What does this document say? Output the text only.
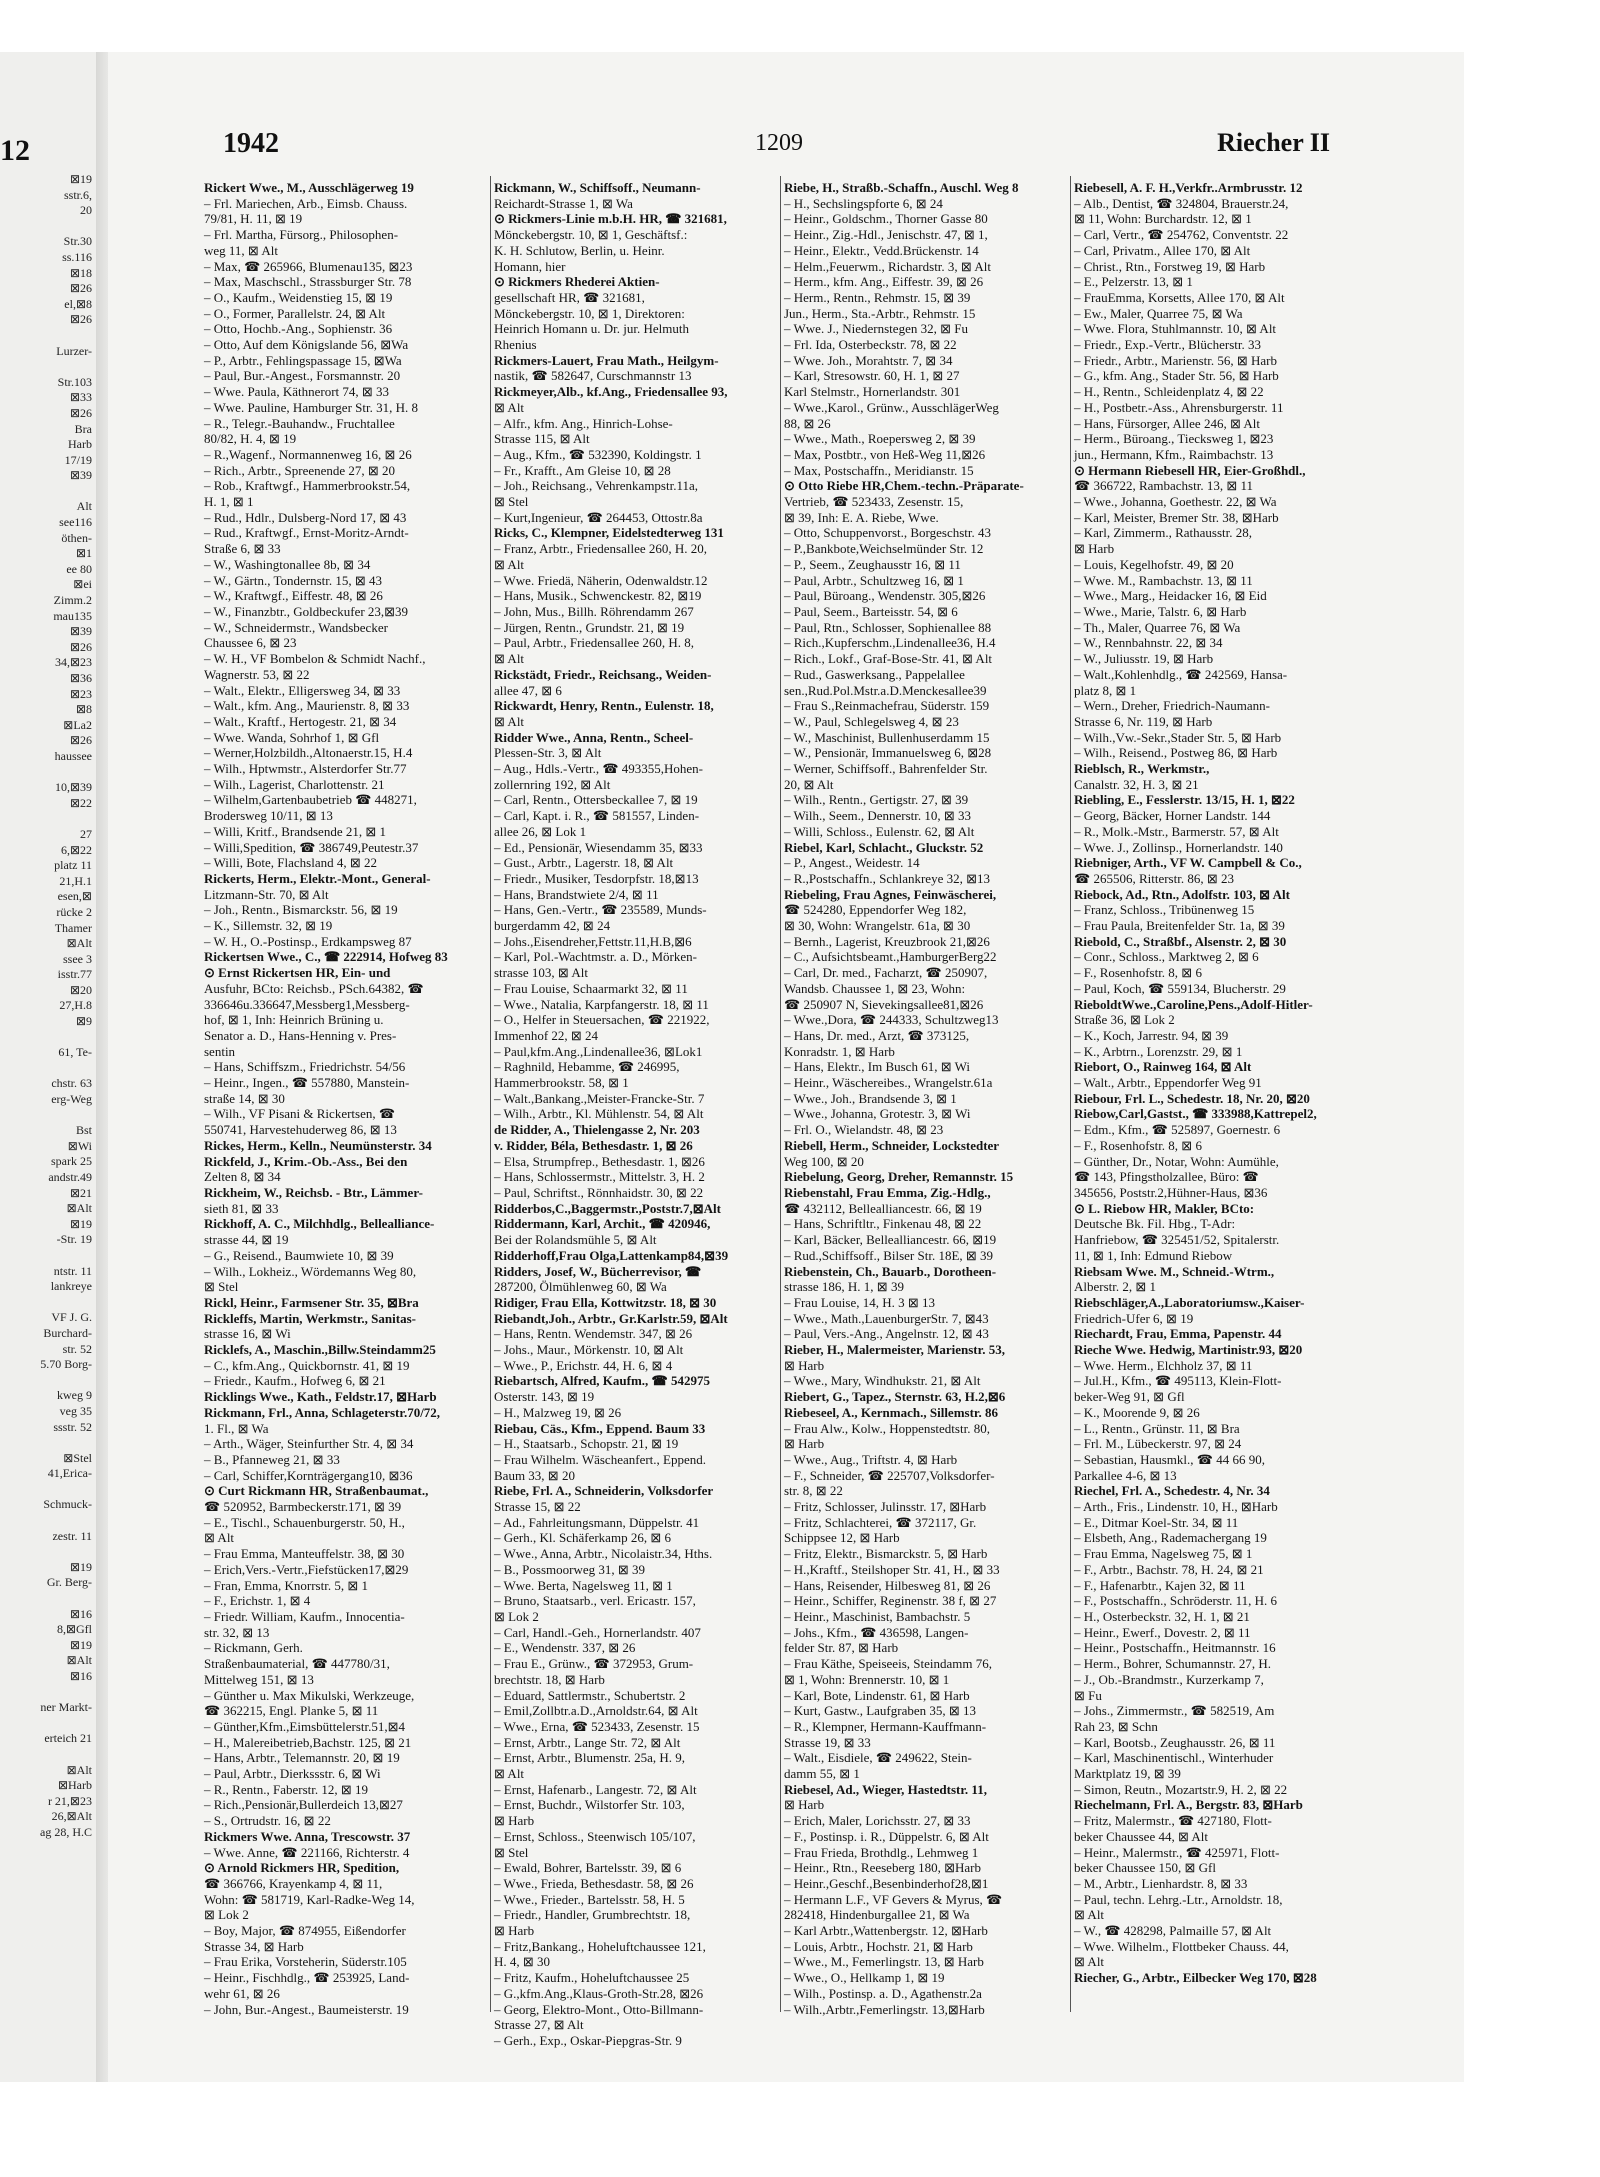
12
⊠19
sstr.6,
20
Str.30
ss.116
⊠18
⊠26
el,⊠8
⊠26
Lurzer-
Str.103
⊠33
⊠26
Bra
Harb
17/19
⊠39
Alt
see116
öthen-
⊠1
ee 80
⊠ei
Zimm.2
mau135
⊠39
⊠26
34,⊠23
⊠36
⊠23
⊠8
⊠La2
⊠26
haussee
10,⊠39
⊠22
27
6,⊠22
platz 11
21,H.1
esen,⊠
rücke 2
Thamer
⊠Alt
ssee 3
isstr.77
⊠20
27,H.8
⊠9
61, Te-
chstr. 63
erg-Weg
Bst
⊠Wi
spark 25
andstr.49
⊠21
⊠Alt
⊠19
-Str. 19
ntstr. 11
lankreye
VF J. G.
Burchard-
str. 52
5.70 Borg-
kweg 9
veg 35
ssstr. 52
⊠Stel
41,Erica-
Schmuck-
zestr. 11
⊠19
Gr. Berg-
⊠16
8,⊠Gfl
⊠19
⊠Alt
⊠16
ner Markt-
erteich 21
⊠Alt
⊠Harb
r 21,⊠23
26,⊠Alt
ag 28, H.C
1942	1209	Riecher II
Rickert Wwe., M., Ausschlägerweg 19
– Frl. Mariechen, Arb., Eimsb. Chauss.
79/81, H. 11, ⊠ 19
– Frl. Martha, Fürsorg., Philosophen-
weg 11, ⊠ Alt
– Max, ☎ 265966, Blumenau135, ⊠23
– Max, Maschschl., Strassburger Str. 78
– O., Kaufm., Weidenstieg 15, ⊠ 19
– O., Former, Parallelstr. 24, ⊠ Alt
– Otto, Hochb.-Ang., Sophienstr. 36
– Otto, Auf dem Königslande 56, ⊠Wa
– P., Arbtr., Fehlingspassage 15, ⊠Wa
– Paul, Bur.-Angest., Forsmannstr. 20
– Wwe. Paula, Käthnerort 74, ⊠ 33
– Wwe. Pauline, Hamburger Str. 31, H. 8
– R., Telegr.-Bauhandw., Fruchtallee
80/82, H. 4, ⊠ 19
– R.,Wagenf., Normannenweg 16, ⊠ 26
– Rich., Arbtr., Spreenende 27, ⊠ 20
– Rob., Kraftwgf., Hammerbrookstr.54,
H. 1, ⊠ 1
– Rud., Hdlr., Dulsberg-Nord 17, ⊠ 43
– Rud., Kraftwgf., Ernst-Moritz-Arndt-
Straße 6, ⊠ 33
– W., Washingtonallee 8b, ⊠ 34
– W., Gärtn., Tondernstr. 15, ⊠ 43
– W., Kraftwgf., Eiffestr. 48, ⊠ 26
– W., Finanzbtr., Goldbeckufer 23,⊠39
– W., Schneidermstr., Wandsbecker
Chaussee 6, ⊠ 23
– W. H., VF Bombelon & Schmidt Nachf.,
Wagnerstr. 53, ⊠ 22
– Walt., Elektr., Elligersweg 34, ⊠ 33
– Walt., kfm. Ang., Maurienstr. 8, ⊠ 33
– Walt., Kraftf., Hertogestr. 21, ⊠ 34
– Wwe. Wanda, Sohrhof 1, ⊠ Gfl
– Werner,Holzbildh.,Altonaerstr.15, H.4
– Wilh., Hptwmstr., Alsterdorfer Str.77
– Wilh., Lagerist, Charlottenstr. 21
– Wilhelm,Gartenbaubetrieb ☎ 448271,
Brodersweg 10/11, ⊠ 13
– Willi, Kritf., Brandsende 21, ⊠ 1
– Willi,Spedition, ☎ 386749,Peutestr.37
– Willi, Bote, Flachsland 4, ⊠ 22
Rickerts, Herm., Elektr.-Mont., General-
Litzmann-Str. 70, ⊠ Alt
– Joh., Rentn., Bismarckstr. 56, ⊠ 19
– K., Sillemstr. 32, ⊠ 19
– W. H., O.-Postinsp., Erdkampsweg 87
Rickertsen Wwe., C., ☎ 222914, Hofweg 83
⊙ Ernst Rickertsen HR, Ein- und
Ausfuhr, BCto: Reichsb., PSch.64382, ☎
336646u.336647,Messberg1,Messberg-
hof, ⊠ 1, Inh: Heinrich Brüning u.
Senator a. D., Hans-Henning v. Pres-
sentin
– Hans, Schiffszm., Friedrichstr. 54/56
– Heinr., Ingen., ☎ 557880, Manstein-
straße 14, ⊠ 30
– Wilh., VF Pisani & Rickertsen, ☎
550741, Harvestehuderweg 86, ⊠ 13
Rickes, Herm., Kelln., Neumünsterstr. 34
Rickfeld, J., Krim.-Ob.-Ass., Bei den
Zelten 8, ⊠ 34
Rickheim, W., Reichsb. - Btr., Lämmer-
sieth 81, ⊠ 33
Rickhoff, A. C., Milchhdlg., Bellealliance-
strasse 44, ⊠ 19
– G., Reisend., Baumwiete 10, ⊠ 39
– Wilh., Lokheiz., Wördemanns Weg 80,
⊠ Stel
Rickl, Heinr., Farmsener Str. 35, ⊠Bra
Rickleffs, Martin, Werkmstr., Sanitas-
strasse 16, ⊠ Wi
Ricklefs, A., Maschin.,Billw.Steindamm25
– C., kfm.Ang., Quickbornstr. 41, ⊠ 19
– Friedr., Kaufm., Hofweg 6, ⊠ 21
Ricklings Wwe., Kath., Feldstr.17, ⊠Harb
Rickmann, Frl., Anna, Schlageterstr.70/72,
1. Fl., ⊠ Wa
– Arth., Wäger, Steinfurther Str. 4, ⊠ 34
– B., Pfanneweg 21, ⊠ 33
– Carl, Schiffer,Kornträgergang10, ⊠36
⊙ Curt Rickmann HR, Straßenbaumat.,
☎ 520952, Barmbeckerstr.171, ⊠ 39
– E., Tischl., Schauenburgerstr. 50, H.,
⊠ Alt
– Frau Emma, Manteuffelstr. 38, ⊠ 30
– Erich,Vers.-Vertr.,Fiefstücken17,⊠29
– Fran, Emma, Knorrstr. 5, ⊠ 1
– F., Erichstr. 1, ⊠ 4
– Friedr. William, Kaufm., Innocentia-
str. 32, ⊠ 13
– Rickmann, Gerh.
Straßenbaumaterial, ☎ 447780/31,
Mittelweg 151, ⊠ 13
– Günther u. Max Mikulski, Werkzeuge,
☎ 362215, Engl. Planke 5, ⊠ 11
– Günther,Kfm.,Eimsbüttelerstr.51,⊠4
– H., Malereibetrieb,Bachstr. 125, ⊠ 21
– Hans, Arbtr., Telemannstr. 20, ⊠ 19
– Paul, Arbtr., Dierkssstr. 6, ⊠ Wi
– R., Rentn., Faberstr. 12, ⊠ 19
– Rich.,Pensionär,Bullerdeich 13,⊠27
– S., Ortrudstr. 16, ⊠ 22
Rickmers Wwe. Anna, Trescowstr. 37
– Wwe. Anne, ☎ 221166, Richterstr. 4
⊙ Arnold Rickmers HR, Spedition,
☎ 366766, Krayenkamp 4, ⊠ 11,
Wohn: ☎ 581719, Karl-Radke-Weg 14,
⊠ Lok 2
– Boy, Major, ☎ 874955, Eißendorfer
Strasse 34, ⊠ Harb
– Frau Erika, Vorsteherin, Süderstr.105
– Heinr., Fischhdlg., ☎ 253925, Land-
wehr 61, ⊠ 26
– John, Bur.-Angest., Baumeisterstr. 19
Rickmann, W., Schiffsoff., Neumann-
Reichardt-Strasse 1, ⊠ Wa
⊙ Rickmers-Linie m.b.H. HR, ☎ 321681,
Mönckebergstr. 10, ⊠ 1, Geschäftsf.:
K. H. Schlutow, Berlin, u. Heinr.
Homann, hier
⊙ Rickmers Rhederei Aktien-
gesellschaft HR, ☎ 321681,
Mönckebergstr. 10, ⊠ 1, Direktoren:
Heinrich Homann u. Dr. jur. Helmuth
Rhenius
Rickmers-Lauert, Frau Math., Heilgym-
nastik, ☎ 582647, Curschmannstr 13
Rickmeyer,Alb., kf.Ang., Friedensallee 93,
⊠ Alt
– Alfr., kfm. Ang., Hinrich-Lohse-
Strasse 115, ⊠ Alt
– Aug., Kfm., ☎ 532390, Koldingstr. 1
– Fr., Krafft., Am Gleise 10, ⊠ 28
– Joh., Reichsang., Vehrenkampstr.11a,
⊠ Stel
– Kurt,Ingenieur, ☎ 264453, Ottostr.8a
Ricks, C., Klempner, Eidelstedterweg 131
– Franz, Arbtr., Friedensallee 260, H. 20,
⊠ Alt
– Wwe. Friedä, Näherin, Odenwaldstr.12
– Hans, Musik., Schwenckestr. 82, ⊠19
– John, Mus., Billh. Röhrendamm 267
– Jürgen, Rentn., Grundstr. 21, ⊠ 19
– Paul, Arbtr., Friedensallee 260, H. 8,
⊠ Alt
Rickstädt, Friedr., Reichsang., Weiden-
allee 47, ⊠ 6
Rickwardt, Henry, Rentn., Eulenstr. 18,
⊠ Alt
Ridder Wwe., Anna, Rentn., Scheel-
Plessen-Str. 3, ⊠ Alt
– Aug., Hdls.-Vertr., ☎ 493355,Hohen-
zollernring 192, ⊠ Alt
– Carl, Rentn., Ottersbeckallee 7, ⊠ 19
– Carl, Kapt. i. R., ☎ 581557, Linden-
allee 26, ⊠ Lok 1
– Ed., Pensionär, Wiesendamm 35, ⊠33
– Gust., Arbtr., Lagerstr. 18, ⊠ Alt
– Friedr., Musiker, Tesdorpfstr. 18,⊠13
– Hans, Brandstwiete 2/4, ⊠ 11
– Hans, Gen.-Vertr., ☎ 235589, Munds-
burgerdamm 42, ⊠ 24
– Johs.,Eisendreher,Fettstr.11,H.B,⊠6
– Karl, Pol.-Wachtmstr. a. D., Mörken-
strasse 103, ⊠ Alt
– Frau Louise, Schaarmarkt 32, ⊠ 11
– Wwe., Natalia, Karpfangerstr. 18, ⊠ 11
– O., Helfer in Steuersachen, ☎ 221922,
Immenhof 22, ⊠ 24
– Paul,kfm.Ang.,Lindenallee36, ⊠Lok1
– Raghnild, Hebamme, ☎ 246995,
Hammerbrookstr. 58, ⊠ 1
– Walt.,Bankang.,Meister-Francke-Str. 7
– Wilh., Arbtr., Kl. Mühlenstr. 54, ⊠ Alt
de Ridder, A., Thielengasse 2, Nr. 203
v. Ridder, Béla, Bethesdastr. 1, ⊠ 26
– Elsa, Strumpfrep., Bethesdastr. 1, ⊠26
– Hans, Schlossermstr., Mittelstr. 3, H. 2
– Paul, Schriftst., Rönnhaidstr. 30, ⊠ 22
Ridderbos,C.,Baggermstr.,Poststr.7,⊠Alt
Riddermann, Karl, Archit., ☎ 420946,
Bei der Rolandsmühle 5, ⊠ Alt
Ridderhoff,Frau Olga,Lattenkamp84,⊠39
Ridders, Josef, W., Bücherrevisor, ☎
287200, Ölmühlenweg 60, ⊠ Wa
Ridiger, Frau Ella, Kottwitzstr. 18, ⊠ 30
Riebandt,Joh., Arbtr., Gr.Karlstr.59, ⊠Alt
– Hans, Rentn. Wendemstr. 347, ⊠ 26
– Johs., Maur., Mörkenstr. 10, ⊠ Alt
– Wwe., P., Erichstr. 44, H. 6, ⊠ 4
Riebartsch, Alfred, Kaufm., ☎ 542975
Osterstr. 143, ⊠ 19
– H., Malzweg 19, ⊠ 26
Riebau, Cäs., Kfm., Eppend. Baum 33
– H., Staatsarb., Schopstr. 21, ⊠ 19
– Frau Wilhelm. Wäscheanfert., Eppend.
Baum 33, ⊠ 20
Riebe, Frl. A., Schneiderin, Volksdorfer
Strasse 15, ⊠ 22
– Ad., Fahrleitungsmann, Düppelstr. 41
– Gerh., Kl. Schäferkamp 26, ⊠ 6
– Wwe., Anna, Arbtr., Nicolaistr.34, Hths.
– B., Possmoorweg 31, ⊠ 39
– Wwe. Berta, Nagelsweg 11, ⊠ 1
– Bruno, Staatsarb., verl. Ericastr. 157,
⊠ Lok 2
– Carl, Handl.-Geh., Hornerlandstr. 407
– E., Wendenstr. 337, ⊠ 26
– Frau E., Grünw., ☎ 372953, Grum-
brechtstr. 18, ⊠ Harb
– Eduard, Sattlermstr., Schubertstr. 2
– Emil,Zollbtr.a.D.,Arnoldstr.64, ⊠ Alt
– Wwe., Erna, ☎ 523433, Zesenstr. 15
– Ernst, Arbtr., Lange Str. 72, ⊠ Alt
– Ernst, Arbtr., Blumenstr. 25a, H. 9,
⊠ Alt
– Ernst, Hafenarb., Langestr. 72, ⊠ Alt
– Ernst, Buchdr., Wilstorfer Str. 103,
⊠ Harb
– Ernst, Schloss., Steenwisch 105/107,
⊠ Stel
– Ewald, Bohrer, Bartelsstr. 39, ⊠ 6
– Wwe., Frieda, Bethesdastr. 58, ⊠ 26
– Wwe., Frieder., Bartelsstr. 58, H. 5
– Friedr., Handler, Grumbrechtstr. 18,
⊠ Harb
– Fritz,Bankang., Hoheluftchaussee 121,
H. 4, ⊠ 30
– Fritz, Kaufm., Hoheluftchaussee 25
– G.,kfm.Ang.,Klaus-Groth-Str.28, ⊠26
– Georg, Elektro-Mont., Otto-Billmann-
Strasse 27, ⊠ Alt
– Gerh., Exp., Oskar-Piepgras-Str. 9
Riebe, H., Straßb.-Schaffn., Auschl. Weg 8
– H., Sechslingspforte 6, ⊠ 24
– Heinr., Goldschm., Thorner Gasse 80
– Heinr., Zig.-Hdl., Jenischstr. 47, ⊠ 1,
– Heinr., Elektr., Vedd.Brückenstr. 14
– Helm.,Feuerwm., Richardstr. 3, ⊠ Alt
– Herm., kfm. Ang., Eiffestr. 39, ⊠ 26
– Herm., Rentn., Rehmstr. 15, ⊠ 39
Jun., Herm., Sta.-Arbtr., Rehmstr. 15
– Wwe. J., Niedernstegen 32, ⊠ Fu
– Frl. Ida, Osterbeckstr. 78, ⊠ 22
– Wwe. Joh., Morahtstr. 7, ⊠ 34
– Karl, Stresowstr. 60, H. 1, ⊠ 27
Karl Stelmstr., Hornerlandstr. 301
– Wwe.,Karol., Grünw., AusschlägerWeg
88, ⊠ 26
– Wwe., Math., Roepersweg 2, ⊠ 39
– Max, Postbtr., von Heß-Weg 11,⊠26
– Max, Postschaffn., Meridianstr. 15
⊙ Otto Riebe HR,Chem.-techn.-Präparate-
Vertrieb, ☎ 523433, Zesenstr. 15,
⊠ 39, Inh: E. A. Riebe, Wwe.
– Otto, Schuppenvorst., Borgeschstr. 43
– P.,Bankbote,Weichselmünder Str. 12
– P., Seem., Zeughausstr 16, ⊠ 11
– Paul, Arbtr., Schultzweg 16, ⊠ 1
– Paul, Büroang., Wendenstr. 305,⊠26
– Paul, Seem., Barteisstr. 54, ⊠ 6
– Paul, Rtn., Schlosser, Sophienallee 88
– Rich.,Kupferschm.,Lindenallee36, H.4
– Rich., Lokf., Graf-Bose-Str. 41, ⊠ Alt
– Rud., Gaswerksang., Pappelallee
sen.,Rud.Pol.Mstr.a.D.Menckesallee39
– Frau S.,Reinmachefrau, Süderstr. 159
– W., Paul, Schlegelsweg 4, ⊠ 23
– W., Maschinist, Bullenhuserdamm 15
– W., Pensionär, Immanuelsweg 6, ⊠28
– Werner, Schiffsoff., Bahrenfelder Str.
20, ⊠ Alt
– Wilh., Rentn., Gertigstr. 27, ⊠ 39
– Wilh., Seem., Dennerstr. 10, ⊠ 33
– Willi, Schloss., Eulenstr. 62, ⊠ Alt
Riebel, Karl, Schlacht., Gluckstr. 52
– P., Angest., Weidestr. 14
– R.,Postschaffn., Schlankreye 32, ⊠13
Riebeling, Frau Agnes, Feinwäscherei,
☎ 524280, Eppendorfer Weg 182,
⊠ 30, Wohn: Wrangelstr. 61a, ⊠ 30
– Bernh., Lagerist, Kreuzbrook 21,⊠26
– C., Aufsichtsbeamt.,HamburgerBerg22
– Carl, Dr. med., Facharzt, ☎ 250907,
Wandsb. Chaussee 1, ⊠ 23, Wohn:
☎ 250907 N, Sievekingsallee81,⊠26
– Wwe.,Dora, ☎ 244333, Schultzweg13
– Hans, Dr. med., Arzt, ☎ 373125,
Konradstr. 1, ⊠ Harb
– Hans, Elektr., Im Busch 61, ⊠ Wi
– Heinr., Wäschereibes., Wrangelstr.61a
– Wwe., Joh., Brandsende 3, ⊠ 1
– Wwe., Johanna, Grotestr. 3, ⊠ Wi
– Frl. O., Wielandstr. 48, ⊠ 23
Riebell, Herm., Schneider, Lockstedter
Weg 100, ⊠ 20
Riebelung, Georg, Dreher, Remannstr. 15
Riebenstahl, Frau Emma, Zig.-Hdlg.,
☎ 432112, Bellealliancestr. 66, ⊠ 19
– Hans, Schriftltr., Finkenau 48, ⊠ 22
– Karl, Bäcker, Bellealliancestr. 66, ⊠19
– Rud.,Schiffsoff., Bilser Str. 18E, ⊠ 39
Riebenstein, Ch., Bauarb., Dorotheen-
strasse 186, H. 1, ⊠ 39
– Frau Louise, 14, H. 3 ⊠ 13
– Wwe., Math.,LauenburgerStr. 7, ⊠43
– Paul, Vers.-Ang., Angelnstr. 12, ⊠ 43
Rieber, H., Malermeister, Marienstr. 53,
⊠ Harb
– Wwe., Mary, Windhukstr. 21, ⊠ Alt
Riebert, G., Tapez., Sternstr. 63, H.2,⊠6
Riebeseel, A., Kernmach., Sillemstr. 86
– Frau Alw., Kolw., Hoppenstedtstr. 80,
⊠ Harb
– Wwe., Aug., Triftstr. 4, ⊠ Harb
– F., Schneider, ☎ 225707,Volksdorfer-
str. 8, ⊠ 22
– Fritz, Schlosser, Julinsstr. 17, ⊠Harb
– Fritz, Schlachterei, ☎ 372117, Gr.
Schippsee 12, ⊠ Harb
– Fritz, Elektr., Bismarckstr. 5, ⊠ Harb
– H.,Kraftf., Steilshoper Str. 41, H., ⊠ 33
– Hans, Reisender, Hilbesweg 81, ⊠ 26
– Heinr., Schiffer, Reginenstr. 38 f, ⊠ 27
– Heinr., Maschinist, Bambachstr. 5
– Johs., Kfm., ☎ 436598, Langen-
felder Str. 87, ⊠ Harb
– Frau Käthe, Speiseeis, Steindamm 76,
⊠ 1, Wohn: Brennerstr. 10, ⊠ 1
– Karl, Bote, Lindenstr. 61, ⊠ Harb
– Kurt, Gastw., Laufgraben 35, ⊠ 13
– R., Klempner, Hermann-Kauffmann-
Strasse 19, ⊠ 33
– Walt., Eisdiele, ☎ 249622, Stein-
damm 55, ⊠ 1
Riebesel, Ad., Wieger, Hastedtstr. 11,
⊠ Harb
– Erich, Maler, Lorichsstr. 27, ⊠ 33
– F., Postinsp. i. R., Düppelstr. 6, ⊠ Alt
– Frau Frieda, Brothdlg., Lehmweg 1
– Heinr., Rtn., Reeseberg 180, ⊠Harb
– Heinr.,Geschf.,Besenbinderhof28,⊠1
– Hermann L.F., VF Gevers & Myrus, ☎
282418, Hindenburgallee 21, ⊠ Wa
– Karl Arbtr.,Wattenbergstr. 12, ⊠Harb
– Louis, Arbtr., Hochstr. 21, ⊠ Harb
– Wwe., M., Femerlingstr. 13, ⊠ Harb
– Wwe., O., Hellkamp 1, ⊠ 19
– Wilh., Postinsp. a. D., Agathenstr.2a
– Wilh.,Arbtr.,Femerlingstr. 13,⊠Harb
Riebesell, A. F. H.,Verkfr..Armbrusstr. 12
– Alb., Dentist, ☎ 324804, Brauerstr.24,
⊠ 11, Wohn: Burchardstr. 12, ⊠ 1
– Carl, Vertr., ☎ 254762, Conventstr. 22
– Carl, Privatm., Allee 170, ⊠ Alt
– Christ., Rtn., Forstweg 19, ⊠ Harb
– E., Pelzerstr. 13, ⊠ 1
– FrauEmma, Korsetts, Allee 170, ⊠ Alt
– Ew., Maler, Quarree 75, ⊠ Wa
– Wwe. Flora, Stuhlmannstr. 10, ⊠ Alt
– Friedr., Exp.-Vertr., Blücherstr. 33
– Friedr., Arbtr., Marienstr. 56, ⊠ Harb
– G., kfm. Ang., Stader Str. 56, ⊠ Harb
– H., Rentn., Schleidenplatz 4, ⊠ 22
– H., Postbetr.-Ass., Ahrensburgerstr. 11
– Hans, Fürsorger, Allee 246, ⊠ Alt
– Herm., Büroang., Tiecksweg 1, ⊠23
jun., Hermann, Kfm., Raimbachstr. 13
⊙ Hermann Riebesell HR, Eier-Großhdl.,
☎ 366722, Rambachstr. 13, ⊠ 11
– Wwe., Johanna, Goethestr. 22, ⊠ Wa
– Karl, Meister, Bremer Str. 38, ⊠Harb
– Karl, Zimmerm., Rathausstr. 28,
⊠ Harb
– Louis, Kegelhofstr. 49, ⊠ 20
– Wwe. M., Rambachstr. 13, ⊠ 11
– Wwe., Marg., Heidacker 16, ⊠ Eid
– Wwe., Marie, Talstr. 6, ⊠ Harb
– Th., Maler, Quarree 76, ⊠ Wa
– W., Rennbahnstr. 22, ⊠ 34
– W., Juliusstr. 19, ⊠ Harb
– Walt.,Kohlenhdlg., ☎ 242569, Hansa-
platz 8, ⊠ 1
– Wern., Dreher, Friedrich-Naumann-
Strasse 6, Nr. 119, ⊠ Harb
– Wilh.,Vw.-Sekr.,Stader Str. 5, ⊠ Harb
– Wilh., Reisend., Postweg 86, ⊠ Harb
Rieblsch, R., Werkmstr.,
Canalstr. 32, H. 3, ⊠ 21
Riebling, E., Fesslerstr. 13/15, H. 1, ⊠22
– Georg, Bäcker, Horner Landstr. 144
– R., Molk.-Mstr., Barmerstr. 57, ⊠ Alt
– Wwe. J., Zollinsp., Hornerlandstr. 140
Riebniger, Arth., VF W. Campbell & Co.,
☎ 265506, Ritterstr. 86, ⊠ 23
Riebock, Ad., Rtn., Adolfstr. 103, ⊠ Alt
– Franz, Schloss., Tribünenweg 15
– Frau Paula, Breitenfelder Str. 1a, ⊠ 39
Riebold, C., Straßbf., Alsenstr. 2, ⊠ 30
– Conr., Schloss., Marktweg 2, ⊠ 6
– F., Rosenhofstr. 8, ⊠ 6
– Paul, Koch, ☎ 559134, Blucherstr. 29
RieboldtWwe.,Caroline,Pens.,Adolf-Hitler-
Straße 36, ⊠ Lok 2
– K., Koch, Jarrestr. 94, ⊠ 39
– K., Arbtrn., Lorenzstr. 29, ⊠ 1
Riebort, O., Rainweg 164, ⊠ Alt
– Walt., Arbtr., Eppendorfer Weg 91
Riebour, Frl. L., Schedestr. 18, Nr. 20, ⊠20
Riebow,Carl,Gastst., ☎ 333988,Kattrepel2,
– Edm., Kfm., ☎ 525897, Goernestr. 6
– F., Rosenhofstr. 8, ⊠ 6
– Günther, Dr., Notar, Wohn: Aumühle,
☎ 143, Pfingstholzallee, Büro: ☎
345656, Poststr.2,Hühner-Haus, ⊠36
⊙ L. Riebow HR, Makler, BCto:
Deutsche Bk. Fil. Hbg., T-Adr:
Hanfriebow, ☎ 325451/52, Spitalerstr.
11, ⊠ 1, Inh: Edmund Riebow
Riebsam Wwe. M., Schneid.-Wtrm.,
Alberstr. 2, ⊠ 1
Riebschläger,A.,Laboratoriumsw.,Kaiser-
Friedrich-Ufer 6, ⊠ 19
Riechardt, Frau, Emma, Papenstr. 44
Rieche Wwe. Hedwig, Martinistr.93, ⊠20
– Wwe. Herm., Elchholz 37, ⊠ 11
– Jul.H., Kfm., ☎ 495113, Klein-Flott-
beker-Weg 91, ⊠ Gfl
– K., Moorende 9, ⊠ 26
– L., Rentn., Grünstr. 11, ⊠ Bra
– Frl. M., Lübeckerstr. 97, ⊠ 24
– Sebastian, Hausmkl., ☎ 44 66 90,
Parkallee 4-6, ⊠ 13
Riechel, Frl. A., Schedestr. 4, Nr. 34
– Arth., Fris., Lindenstr. 10, H., ⊠Harb
– E., Ditmar Koel-Str. 34, ⊠ 11
– Elsbeth, Ang., Rademachergang 19
– Frau Emma, Nagelsweg 75, ⊠ 1
– F., Arbtr., Bachstr. 78, H. 24, ⊠ 21
– F., Hafenarbtr., Kajen 32, ⊠ 11
– F., Postschaffn., Schröderstr. 11, H. 6
– H., Osterbeckstr. 32, H. 1, ⊠ 21
– Heinr., Ewerf., Dovestr. 2, ⊠ 11
– Heinr., Postschaffn., Heitmannstr. 16
– Herm., Bohrer, Schumannstr. 27, H.
– J., Ob.-Brandmstr., Kurzerkamp 7,
⊠ Fu
– Johs., Zimmermstr., ☎ 582519, Am
Rah 23, ⊠ Schn
– Karl, Bootsb., Zeughausstr. 26, ⊠ 11
– Karl, Maschinentischl., Winterhuder
Marktplatz 19, ⊠ 39
– Simon, Reutn., Mozartstr.9, H. 2, ⊠ 22
Riechelmann, Frl. A., Bergstr. 83, ⊠Harb
– Fritz, Malermstr., ☎ 427180, Flott-
beker Chaussee 44, ⊠ Alt
– Heinr., Malermstr., ☎ 425971, Flott-
beker Chaussee 150, ⊠ Gfl
– M., Arbtr., Lienhardstr. 8, ⊠ 33
– Paul, techn. Lehrg.-Ltr., Arnoldstr. 18,
⊠ Alt
– W., ☎ 428298, Palmaille 57, ⊠ Alt
– Wwe. Wilhelm., Flottbeker Chauss. 44,
⊠ Alt
Riecher, G., Arbtr., Eilbecker Weg 170, ⊠28
